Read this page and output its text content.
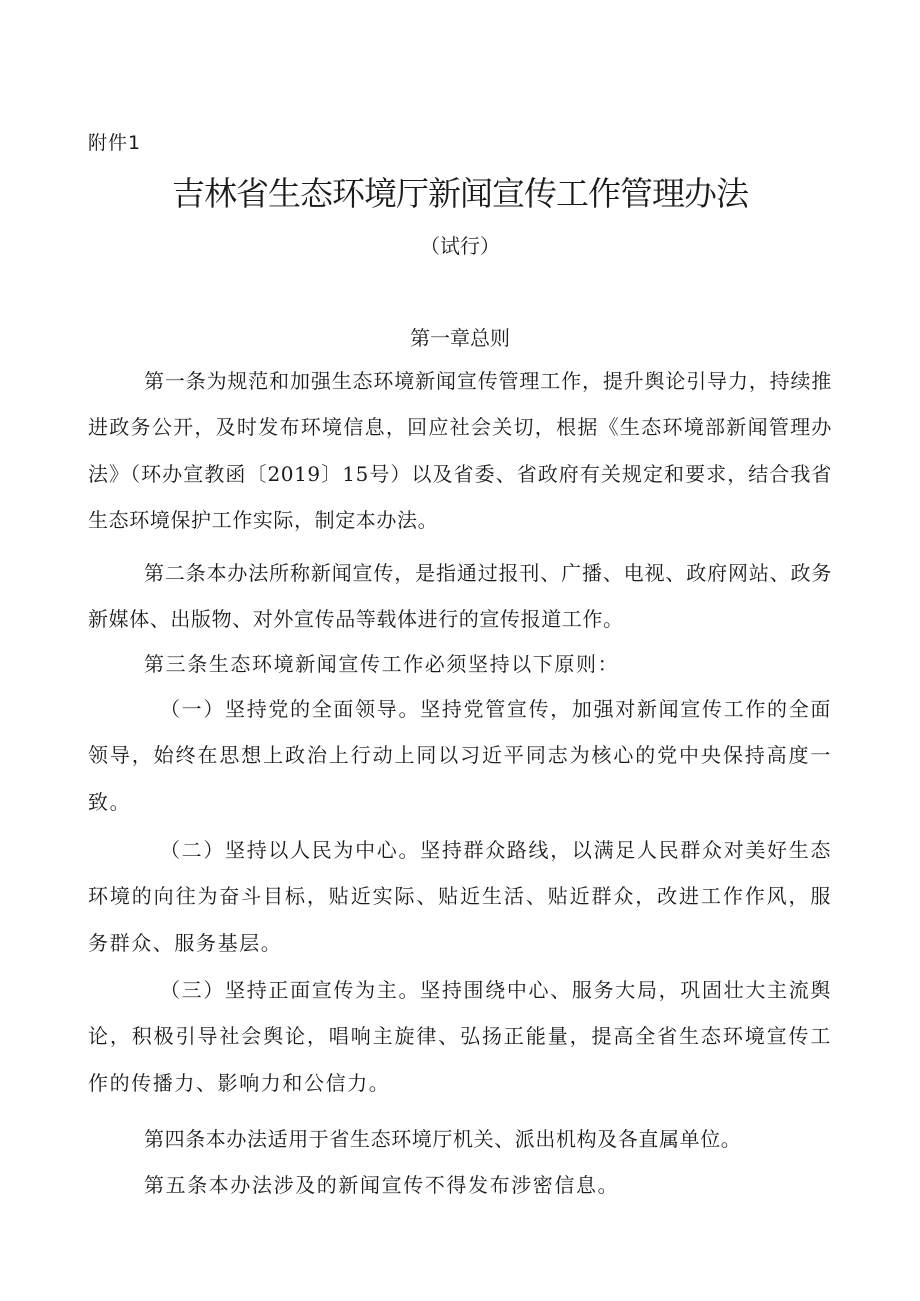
附件1
吉林省生态环境厅新闻宣传工作管理办法
（试行）
第一章总则

第一条为规范和加强生态环境新闻宣传管理工作，提升舆论引导力，持续推进政务公开，及时发布环境信息，回应社会关切，根据《生态环境部新闻管理办法》（环办宣教函〔2019〕15号）以及省委、省政府有关规定和要求，结合我省生态环境保护工作实际，制定本办法。

第二条本办法所称新闻宣传，是指通过报刊、广播、电视、政府网站、政务新媒体、出版物、对外宣传品等载体进行的宣传报道工作。

第三条生态环境新闻宣传工作必须坚持以下原则：

（一）坚持党的全面领导。坚持党管宣传，加强对新闻宣传工作的全面领导，始终在思想上政治上行动上同以习近平同志为核心的党中央保持高度一致。

（二）坚持以人民为中心。坚持群众路线，以满足人民群众对美好生态环境的向往为奋斗目标，贴近实际、贴近生活、贴近群众，改进工作作风，服务群众、服务基层。

（三）坚持正面宣传为主。坚持围绕中心、服务大局，巩固壮大主流舆论，积极引导社会舆论，唱响主旋律、弘扬正能量，提高全省生态环境宣传工作的传播力、影响力和公信力。

第四条本办法适用于省生态环境厅机关、派出机构及各直属单位。

第五条本办法涉及的新闻宣传不得发布涉密信息。
